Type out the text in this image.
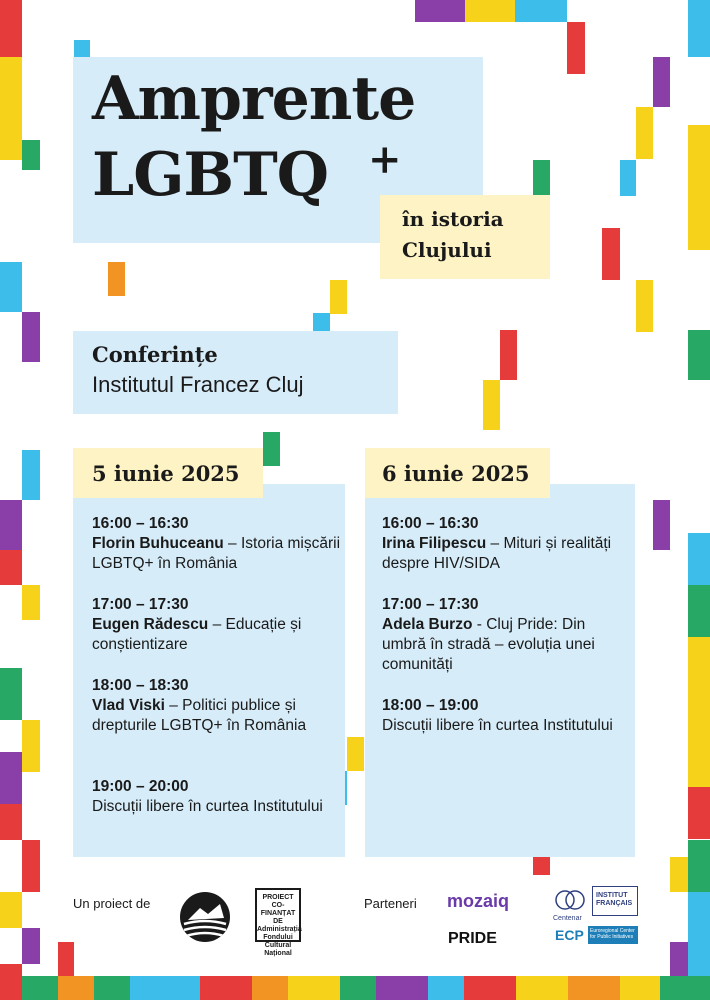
Amprente
LGBTQ +
în istoria
Clujului
Conferințe
Institutul Francez Cluj
5 iunie 2025	6 iunie 2025
16:00 – 16:30
Florin Buhuceanu – Istoria mișcării LGBTQ+ în România
17:00 – 17:30
Eugen Rădescu – Educație și conștientizare
18:00 – 18:30
Vlad Viski – Politici publice și drepturile LGBTQ+ în România
19:00 – 20:00
Discuții libere în curtea Institutului
16:00 – 16:30
Irina Filipescu – Mituri și realități despre HIV/SIDA
17:00 – 17:30
Adela Burzo - Cluj Pride: Din umbră în stradă – evoluția unei comunități
18:00 – 19:00
Discuții libere în curtea Institutului
Un proiect de	PROIECT CO-FINANȚAT DE Administrația Fondului Cultural Național
Parteneri mozaiq
PRIDE
Centenar
INSTITUT FRANÇAIS
ECP	Euroregional Center for Public Initiatives
